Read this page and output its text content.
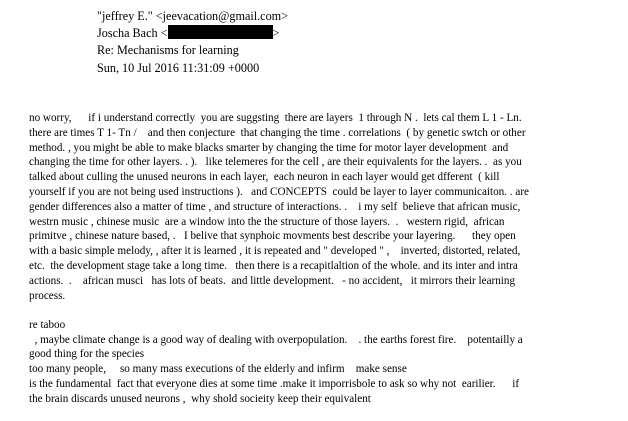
"jeffrey E." <jeevacation@gmail.com>
Joscha Bach <	>
Re: Mechanisms for learning
Sun, 10 Jul 2016 11:31:09 +0000
no worry,      if i understand correctly  you are suggsting  there are layers  1 through N .  lets cal them L 1 - Ln.
there are times T 1- Tn /    and then conjecture  that changing the time . correlations  ( by genetic swtch or other
method. , you might be able to make blacks smarter by changing the time for motor layer development  and
changing the time for other layers. . ).   like telemeres for the cell , are their equivalents for the layers. .  as you
talked about culling the unused neurons in each layer,  each neuron in each layer would get dfferent  ( kill
yourself if you are not being used instructions ).   and CONCEPTS  could be layer to layer communicaiton. . are
gender differences also a matter of time , and structure of interactions. .    i my self  believe that african music,
westrn music , chinese music  are a window into the the structure of those layers.  .   western rigid,  african
primitve , chinese nature based, .   I belive that synphoic movments best describe your layering.      they open
with a basic simple melody, , after it is learned , it is repeated and " developed " ,    inverted, distorted, related,
etc.  the development stage take a long time.   then there is a recapitlaltion of the whole. and its inter and intra
actions.  .    african musci   has lots of beats.  and little development.   - no accident,   it mirrors their learning
process.
re taboo
, maybe climate change is a good way of dealing with overpopulation.    . the earths forest fire.    potentailly a
good thing for the species
too many people,     so many mass executions of the elderly and infirm    make sense
is the fundamental  fact that everyone dies at some time .make it imporrisbole to ask so why not  earilier.      if
the brain discards unused neurons ,  why shold socieity keep their equivalent
